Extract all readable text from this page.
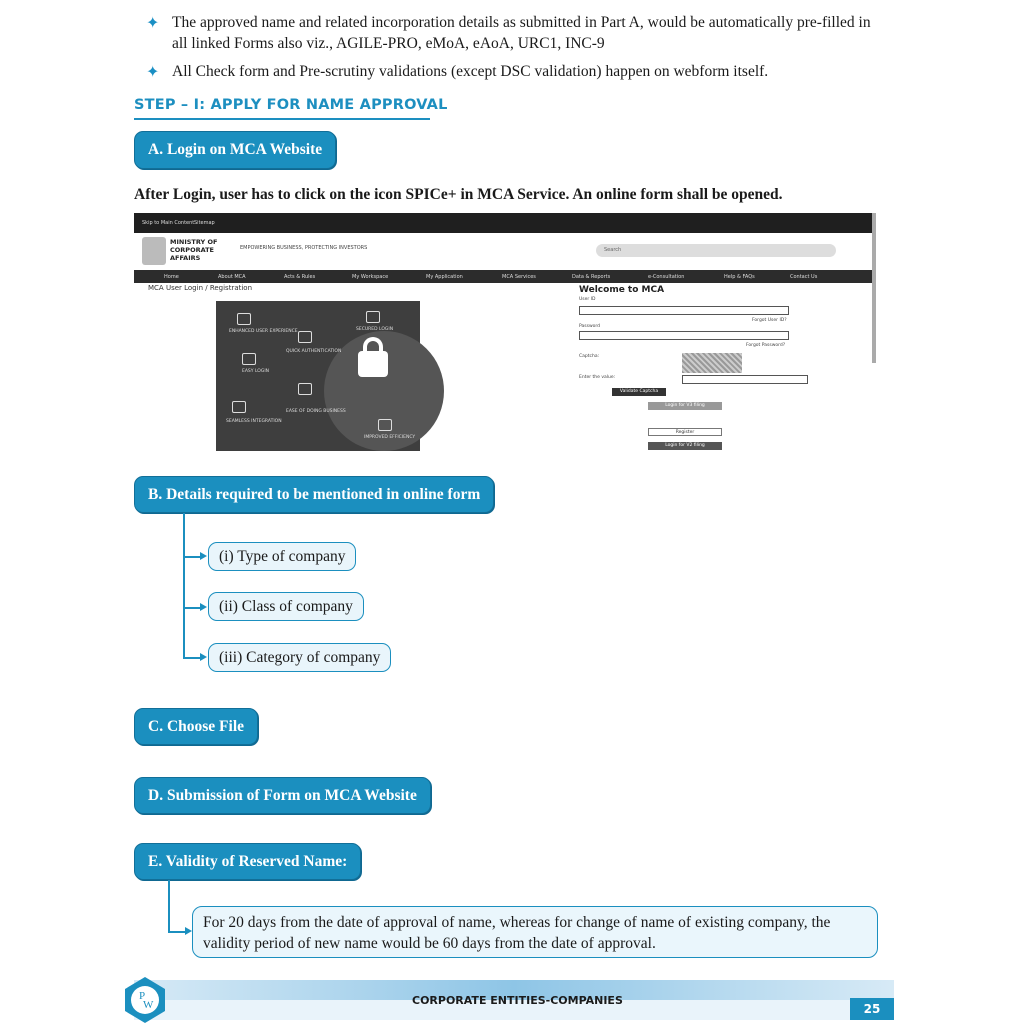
✦ The approved name and related incorporation details as submitted in Part A, would be automatically pre-filled in all linked Forms also viz., AGILE-PRO, eMoA, eAoA, URC1, INC-9
✦ All Check form and Pre-scrutiny validations (except DSC validation) happen on webform itself.
STEP – I: APPLY FOR NAME APPROVAL
A. Login on MCA Website
After Login, user has to click on the icon SPICe+ in MCA Service. An online form shall be opened.
Skip to Main Content Sitemap
MINISTRY OF
CORPORATE
AFFAIRS
EMPOWERING BUSINESS, PROTECTING INVESTORS	Search
Home	About MCA	Acts & Rules	My Workspace	My Application	MCA Services	Data & Reports	e-Consultation	Help & FAQs	Contact Us
MCA User Login / Registration
ENHANCED USER EXPERIENCE	SECURED LOGIN
QUICK AUTHENTICATION
EASY LOGIN
EASE OF DOING BUSINESS
SEAMLESS INTEGRATION
IMPROVED EFFICIENCY
Welcome to MCA
User ID
Forgot User ID?
Password
Forgot Password?
Captcha:
Enter the value:
Validate Captcha
Login for V3 filing
Register
Login for V2 filing
B. Details required to be mentioned in online form
(i) Type of company
(ii) Class of company
(iii) Category of company
C. Choose File
D. Submission of Form on MCA Website
E. Validity of Reserved Name:
For 20 days from the date of approval of name, whereas for change of name of existing company, the validity period of new name would be 60 days from the date of approval.
CORPORATE ENTITIES-COMPANIES
25
P
W
